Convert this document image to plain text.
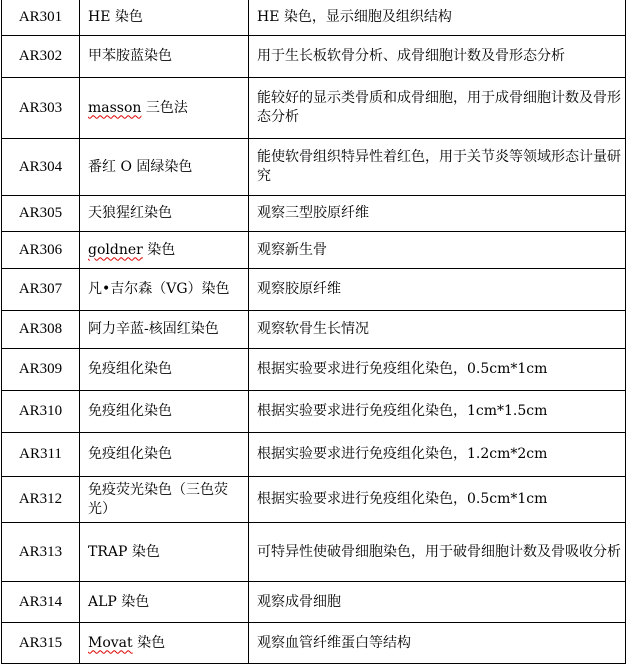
AR301	HE 染色	HE 染色，显示细胞及组织结构
AR302	甲苯胺蓝染色	用于生长板软骨分析、成骨细胞计数及骨形态分析
AR303	masson 三色法	能较好的显示类骨质和成骨细胞，用于成骨细胞计数及骨形态分析
AR304	番红 O 固绿染色	能使软骨组织特异性着红色，用于关节炎等领域形态计量研究
AR305	天狼猩红染色	观察三型胶原纤维
AR306	goldner 染色	观察新生骨
AR307	凡•吉尔森（VG）染色	观察胶原纤维
AR308	阿力辛蓝-核固红染色	观察软骨生长情况
AR309	免疫组化染色	根据实验要求进行免疫组化染色，0.5cm*1cm
AR310	免疫组化染色	根据实验要求进行免疫组化染色，1cm*1.5cm
AR311	免疫组化染色	根据实验要求进行免疫组化染色，1.2cm*2cm
AR312	免疫荧光染色（三色荧光）	根据实验要求进行免疫组化染色，0.5cm*1cm
AR313	TRAP 染色	可特异性使破骨细胞染色，用于破骨细胞计数及骨吸收分析
AR314	ALP 染色	观察成骨细胞
AR315	Movat 染色	观察血管纤维蛋白等结构
